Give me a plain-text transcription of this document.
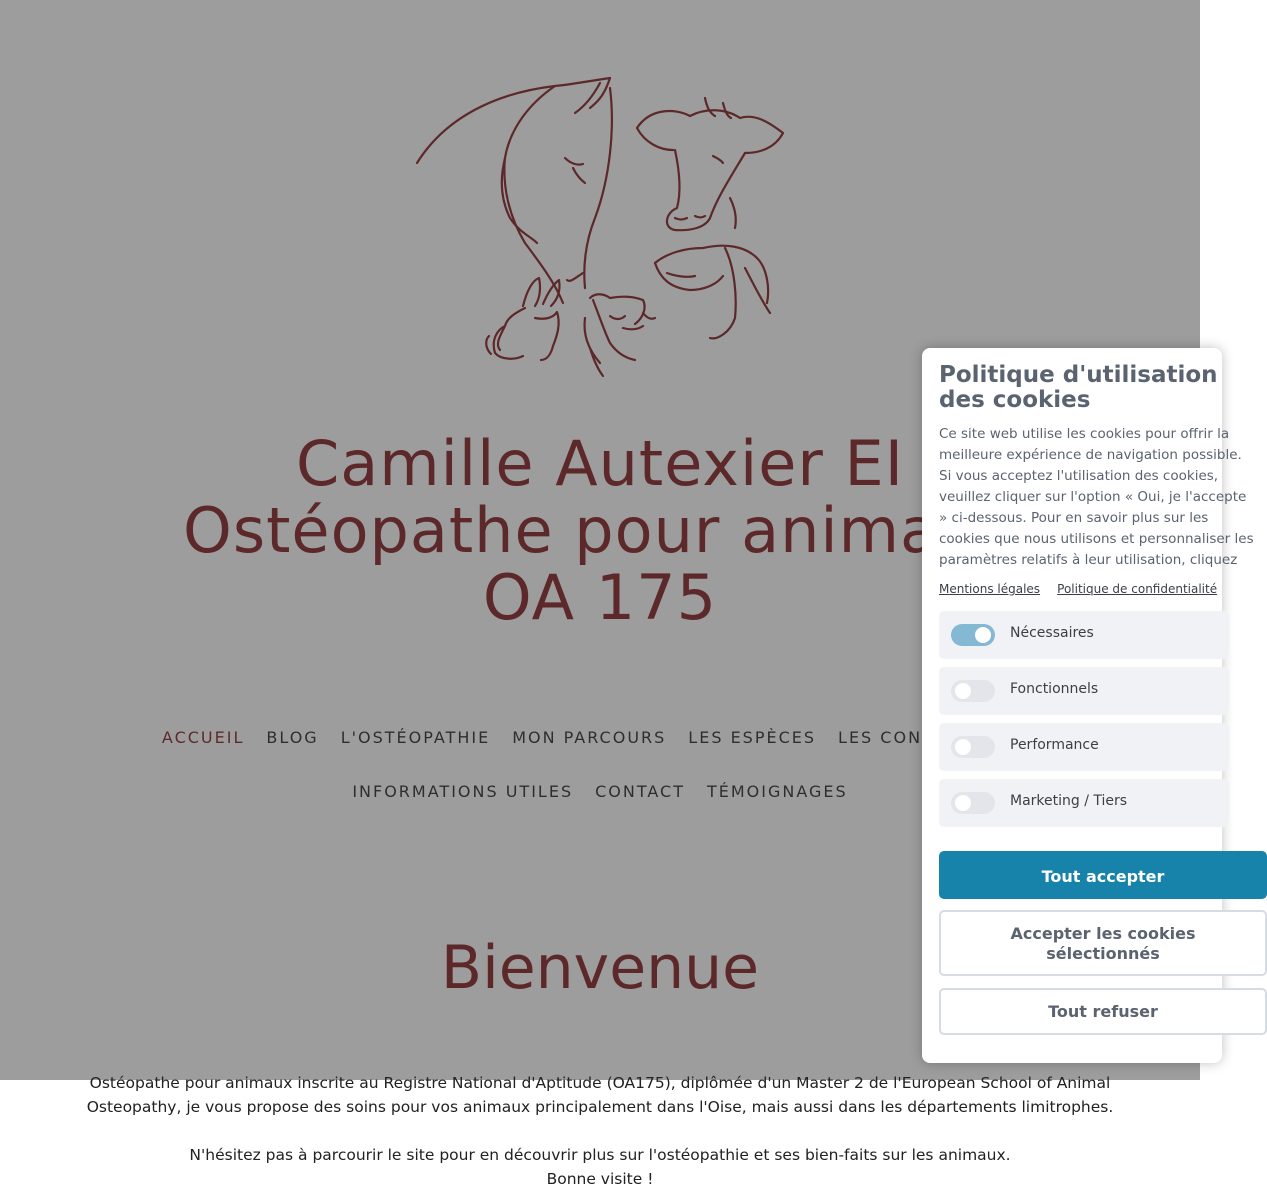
Ostéopathe pour animaux inscrite au Registre National d'Aptitude (OA175), diplômée d'un Master 2 de l'European School of Animal

Osteopathy, je vous propose des soins pour vos animaux principalement dans l'Oise, mais aussi dans les départements limitrophes.

N'hésitez pas à parcourir le site pour en découvrir plus sur l'ostéopathie et ses bien-faits sur les animaux.

Bonne visite !

Politique d'utilisation
des cookies
Ce site web utilise les cookies pour offrir la
meilleure expérience de navigation possible.
Si vous acceptez l'utilisation des cookies,
veuillez cliquer sur l'option « Oui, je l'accepte
» ci-dessous. Pour en savoir plus sur les
cookies que nous utilisons et personnaliser les
paramètres relatifs à leur utilisation, cliquez
Mentions légales Politique de confidentialité
Nécessaires
Fonctionnels
Performance
Marketing / Tiers
Tout accepter
Accepter les cookies
sélectionnés
Tout refuser
